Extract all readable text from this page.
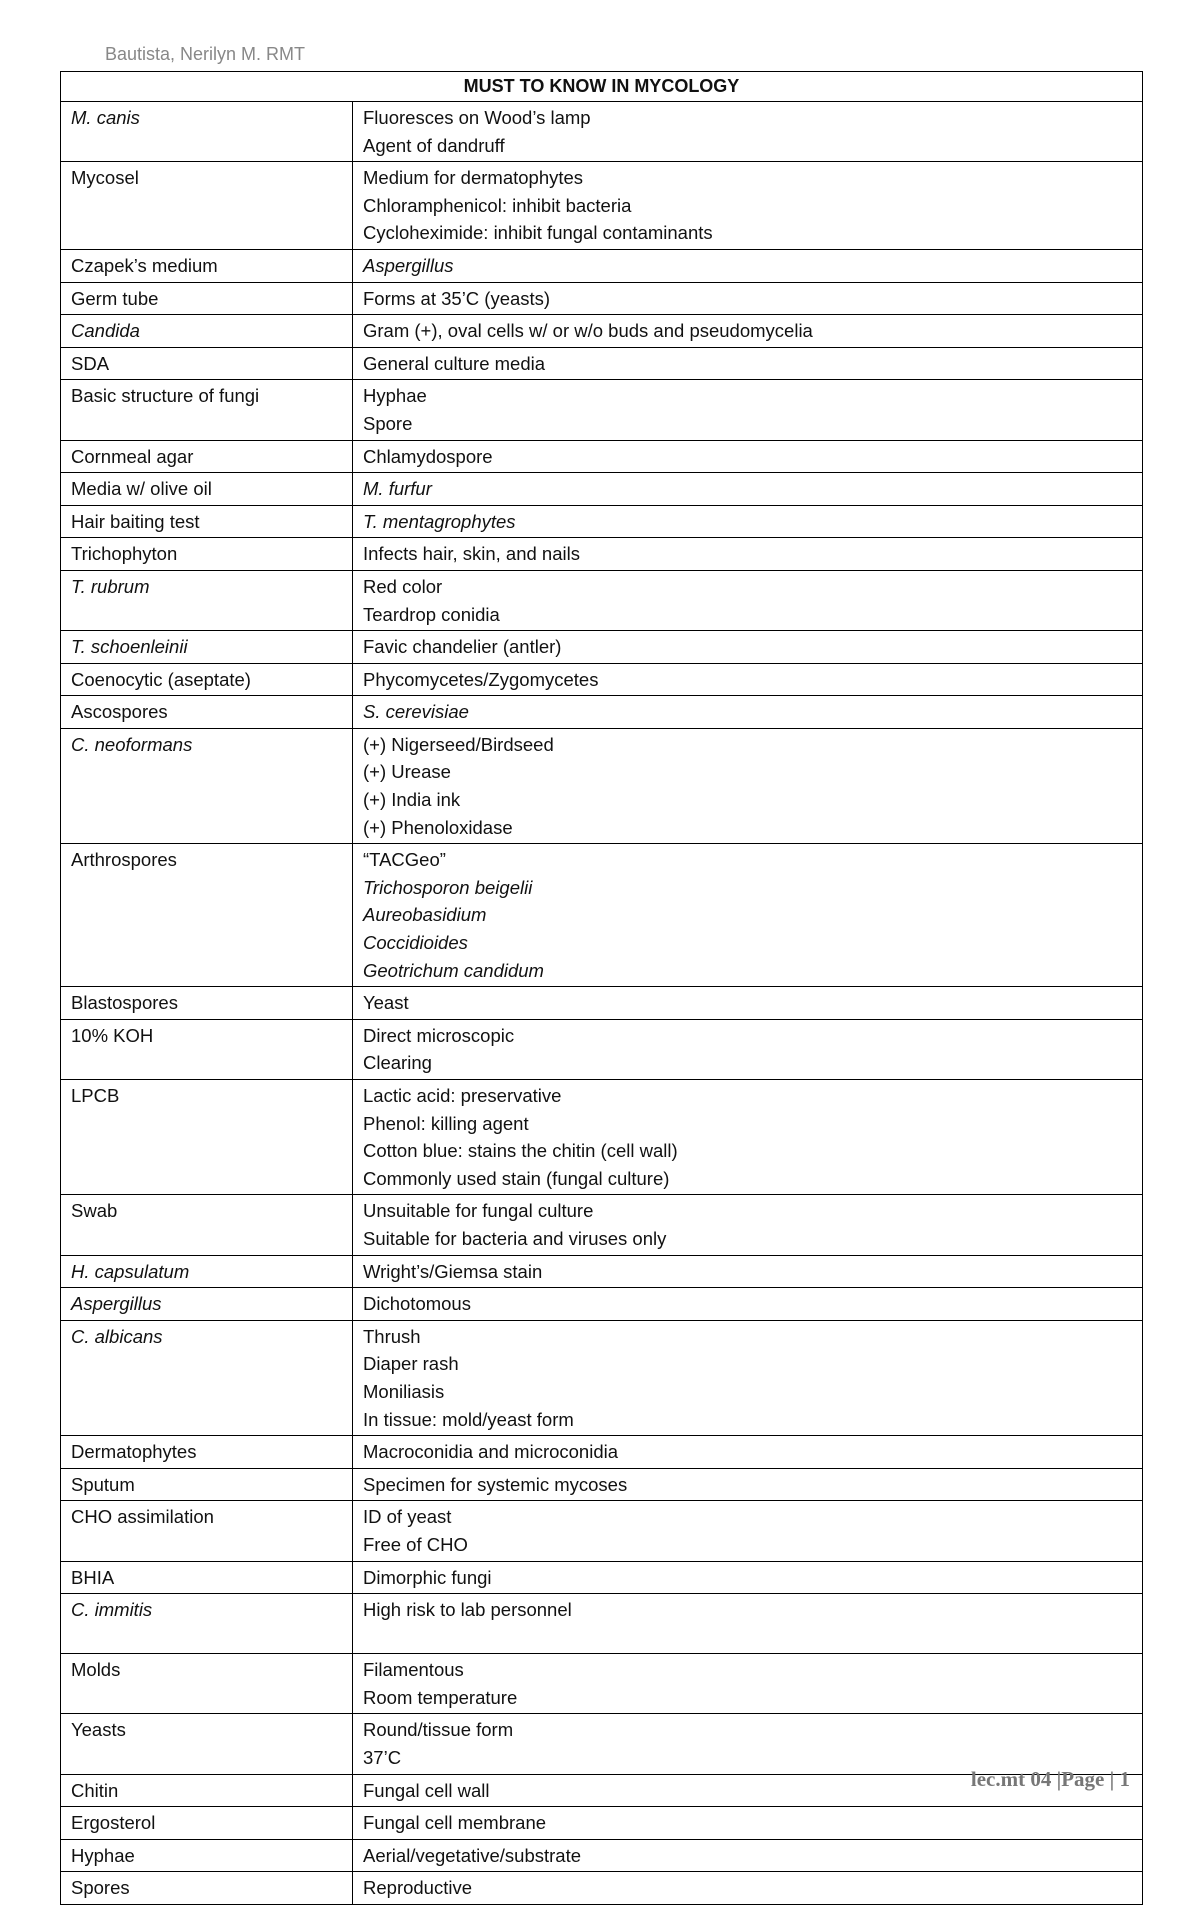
Bautista, Nerilyn M. RMT
MUST TO KNOW IN MYCOLOGY	

M. canis	Fluoresces on Wood’s lamp
Agent of dandruff

Mycosel	Medium for dermatophytes
Chloramphenicol: inhibit bacteria
Cycloheximide: inhibit fungal contaminants

Czapek’s medium	Aspergillus

Germ tube	Forms at 35’C (yeasts)

Candida	Gram (+), oval cells w/ or w/o buds and pseudomycelia

SDA	General culture media

Basic structure of fungi	Hyphae
Spore

Cornmeal agar	Chlamydospore

Media w/ olive oil	M. furfur

Hair baiting test	T. mentagrophytes

Trichophyton	Infects hair, skin, and nails

T. rubrum	Red color
Teardrop conidia

T. schoenleinii	Favic chandelier (antler)

Coenocytic (aseptate)	Phycomycetes/Zygomycetes

Ascospores	S. cerevisiae

C. neoformans	(+) Nigerseed/Birdseed
(+) Urease
(+) India ink
(+) Phenoloxidase

Arthrospores	“TACGeo”
Trichosporon beigelii
Aureobasidium
Coccidioides
Geotrichum candidum

Blastospores	Yeast

10% KOH	Direct microscopic
Clearing

LPCB	Lactic acid: preservative
Phenol: killing agent
Cotton blue: stains the chitin (cell wall)
Commonly used stain (fungal culture)

Swab	Unsuitable for fungal culture
Suitable for bacteria and viruses only

H. capsulatum	Wright’s/Giemsa stain

Aspergillus	Dichotomous

C. albicans	Thrush
Diaper rash
Moniliasis
In tissue: mold/yeast form

Dermatophytes	Macroconidia and microconidia

Sputum	Specimen for systemic mycoses

CHO assimilation	ID of yeast
Free of CHO

BHIA	Dimorphic fungi

C. immitis	High risk to lab personnel

Molds	Filamentous
Room temperature

Yeasts	Round/tissue form
37’C

Chitin	Fungal cell wall

Ergosterol	Fungal cell membrane

Hyphae	Aerial/vegetative/substrate

Spores	Reproductive
lec.mt 04 |Page | 1
